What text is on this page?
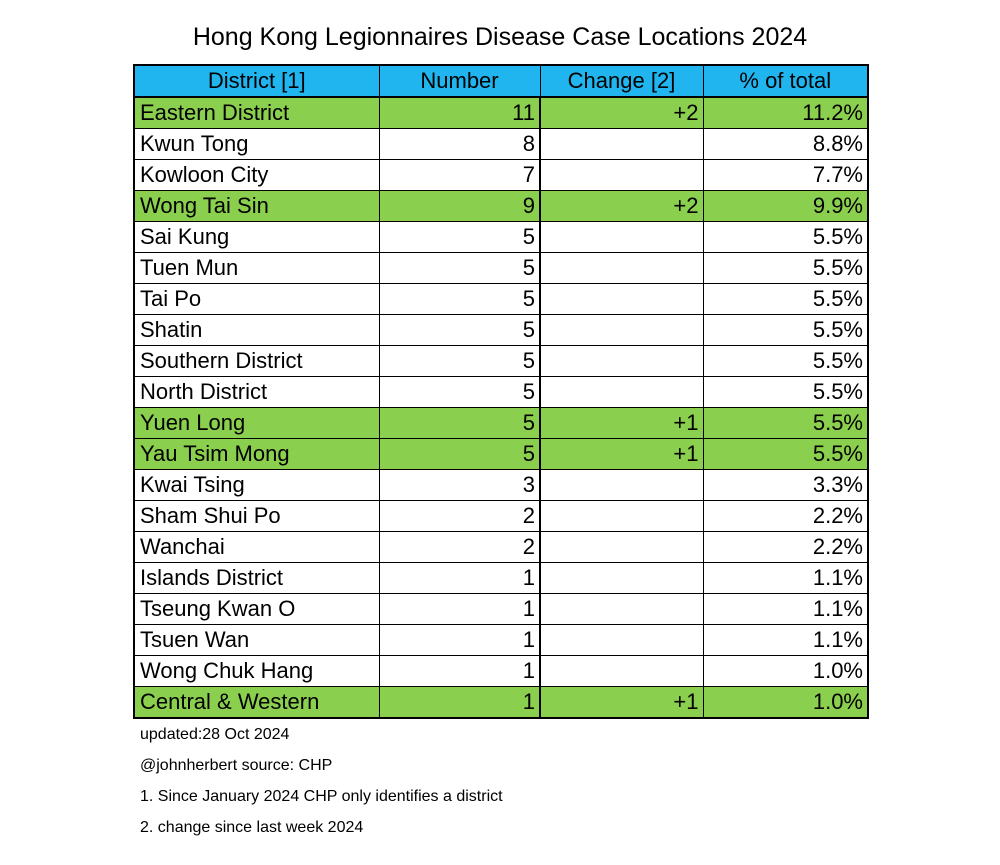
Hong Kong Legionnaires Disease Case Locations 2024
District [1]	Number	Change [2]	% of total
Eastern District	11	+2	11.2%
Kwun Tong	8		8.8%
Kowloon City	7		7.7%
Wong Tai Sin	9	+2	9.9%
Sai Kung	5		5.5%
Tuen Mun	5		5.5%
Tai Po	5		5.5%
Shatin	5		5.5%
Southern District	5		5.5%
North District	5		5.5%
Yuen Long	5	+1	5.5%
Yau Tsim Mong	5	+1	5.5%
Kwai Tsing	3		3.3%
Sham Shui Po	2		2.2%
Wanchai	2		2.2%
Islands District	1		1.1%
Tseung Kwan O	1		1.1%
Tsuen Wan	1		1.1%
Wong Chuk Hang	1		1.0%
Central & Western	1	+1	1.0%
updated:28 Oct 2024
@johnherbert source: CHP
1. Since January 2024 CHP only identifies a district
2. change since last week 2024
